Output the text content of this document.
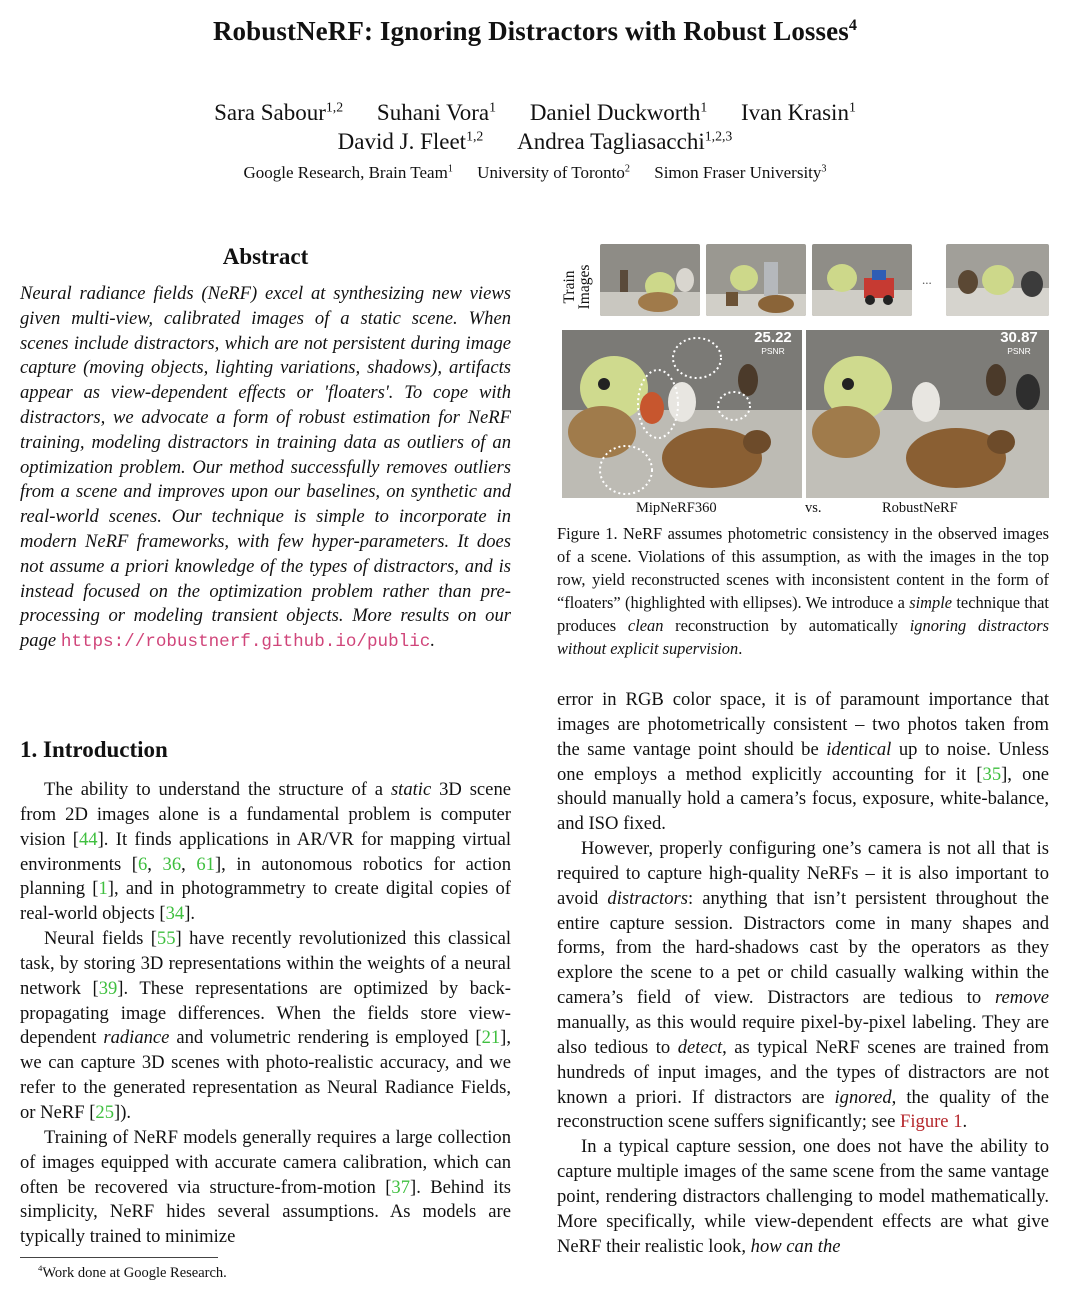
RobustNeRF: Ignoring Distractors with Robust Losses$^4$
Sara Sabour$^{1,2}$ Suhani Vora$^1$ Daniel Duckworth$^1$ Ivan Krasin$^1$
David J. Fleet$^{1,2}$ Andrea Tagliasacchi$^{1,2,3}$
Google Research, Brain Team$^1$ University of Toronto$^2$ Simon Fraser University$^3$
Abstract
Neural radiance fields (NeRF) excel at synthesizing new views given multi-view, calibrated images of a static scene. When scenes include distractors, which are not persistent during image capture (moving objects, lighting variations, shadows), artifacts appear as view-dependent effects or 'floaters'. To cope with distractors, we advocate a form of robust estimation for NeRF training, modeling distractors in training data as outliers of an optimization problem. Our method successfully removes outliers from a scene and improves upon our baselines, on synthetic and real-world scenes. Our technique is simple to incorporate in modern NeRF frameworks, with few hyper-parameters. It does not assume a priori knowledge of the types of distractors, and is instead focused on the optimization problem rather than pre-processing or modeling transient objects. More results on our page https://robustnerf.github.io/public.
1. Introduction

The ability to understand the structure of a static 3D scene from 2D images alone is a fundamental problem is computer vision [44]. It finds applications in AR/VR for mapping virtual environments [6, 36, 61], in autonomous robotics for action planning [1], and in photogrammetry to create digital copies of real-world objects [34].

Neural fields [55] have recently revolutionized this classical task, by storing 3D representations within the weights of a neural network [39]. These representations are optimized by back-propagating image differences. When the fields store view-dependent radiance and volumetric rendering is employed [21], we can capture 3D scenes with photo-realistic accuracy, and we refer to the generated representation as Neural Radiance Fields, or NeRF [25]).

Training of NeRF models generally requires a large collection of images equipped with accurate camera calibration, which can often be recovered via structure-from-motion [37]. Behind its simplicity, NeRF hides several assumptions. As models are typically trained to minimize

$^4$Work done at Google Research.
Train Images	...
25.22
PSNR
30.87
PSNR
MipNeRF360	vs.	RobustNeRF
Figure 1. NeRF assumes photometric consistency in the observed images of a scene. Violations of this assumption, as with the images in the top row, yield reconstructed scenes with inconsistent content in the form of “floaters” (highlighted with ellipses). We introduce a simple technique that produces clean reconstruction by automatically ignoring distractors without explicit supervision.

error in RGB color space, it is of paramount importance that images are photometrically consistent – two photos taken from the same vantage point should be identical up to noise. Unless one employs a method explicitly accounting for it [35], one should manually hold a camera’s focus, exposure, white-balance, and ISO fixed.

However, properly configuring one’s camera is not all that is required to capture high-quality NeRFs – it is also important to avoid distractors: anything that isn’t persistent throughout the entire capture session. Distractors come in many shapes and forms, from the hard-shadows cast by the operators as they explore the scene to a pet or child casually walking within the camera’s field of view. Distractors are tedious to remove manually, as this would require pixel-by-pixel labeling. They are also tedious to detect, as typical NeRF scenes are trained from hundreds of input images, and the types of distractors are not known a priori. If distractors are ignored, the quality of the reconstruction scene suffers significantly; see Figure 1.

In a typical capture session, one does not have the ability to capture multiple images of the same scene from the same vantage point, rendering distractors challenging to model mathematically. More specifically, while view-dependent effects are what give NeRF their realistic look, how can the
